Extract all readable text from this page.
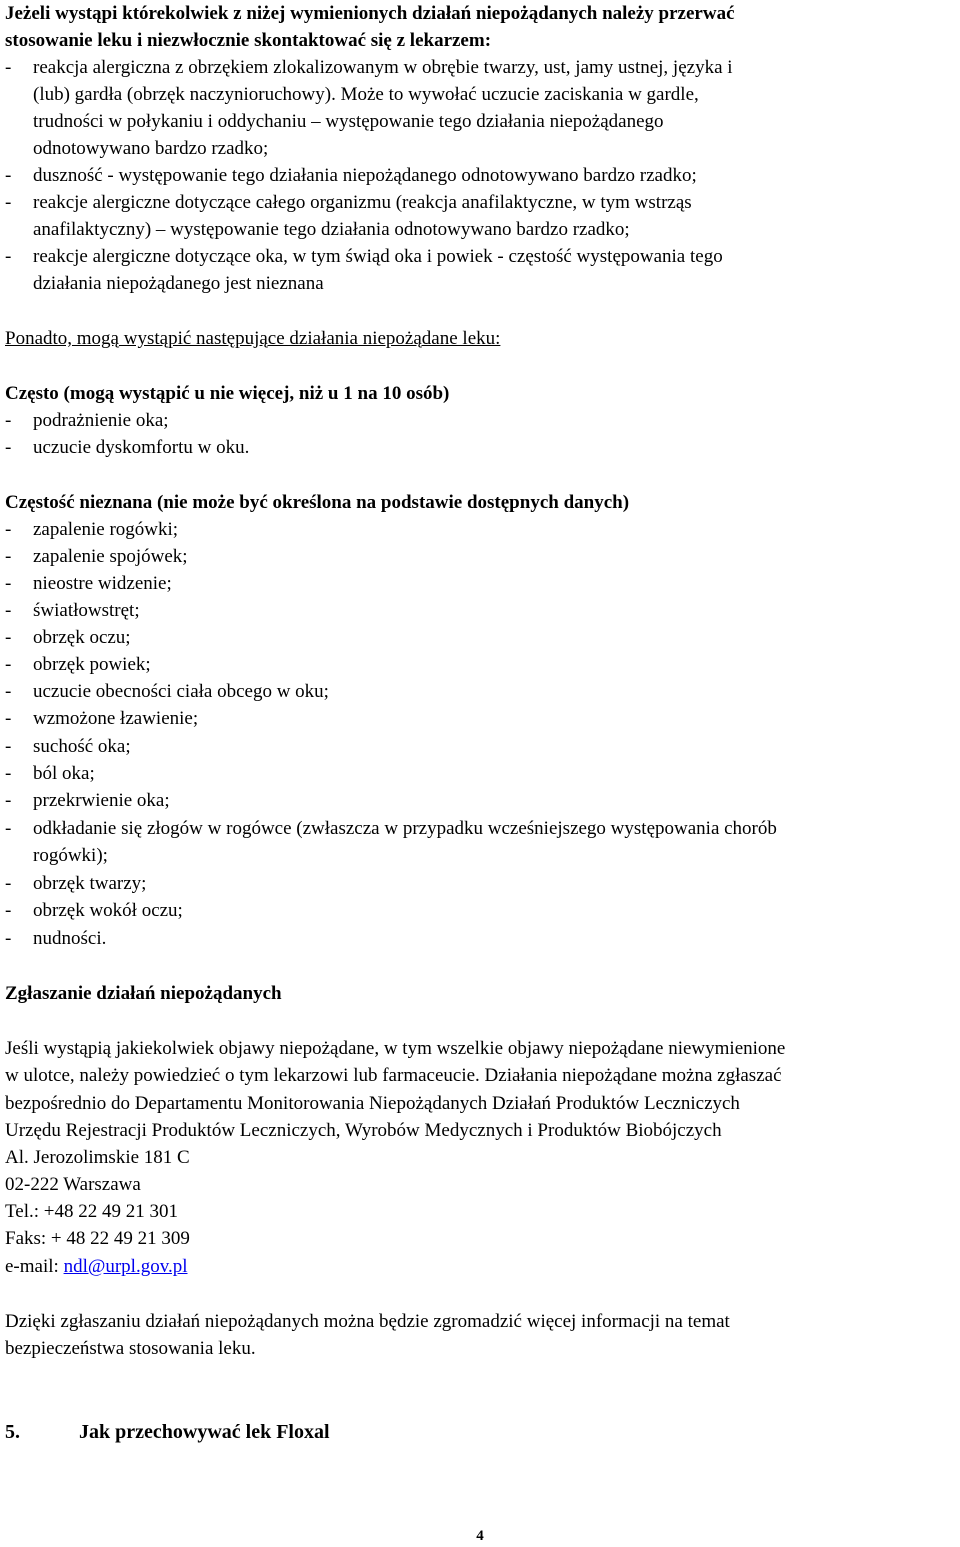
Jeżeli wystąpi którekolwiek z niżej wymienionych działań niepożądanych należy przerwać
stosowanie leku i niezwłocznie skontaktować się z lekarzem:
- reakcja alergiczna z obrzękiem zlokalizowanym w obrębie twarzy, ust, jamy ustnej, języka i
(lub) gardła (obrzęk naczynioruchowy). Może to wywołać uczucie zaciskania w gardle,
trudności w połykaniu i oddychaniu – występowanie tego działania niepożądanego
odnotowywano bardzo rzadko;
- duszność - występowanie tego działania niepożądanego odnotowywano bardzo rzadko;
- reakcje alergiczne dotyczące całego organizmu (reakcja anafilaktyczne, w tym wstrząs
anafilaktyczny) – występowanie tego działania odnotowywano bardzo rzadko;
- reakcje alergiczne dotyczące oka, w tym świąd oka i powiek - częstość występowania tego
działania niepożądanego jest nieznana
Ponadto, mogą wystąpić następujące działania niepożądane leku:
Często (mogą wystąpić u nie więcej, niż u 1 na 10 osób)
- podrażnienie oka;
- uczucie dyskomfortu w oku.
Częstość nieznana (nie może być określona na podstawie dostępnych danych)
- zapalenie rogówki;
- zapalenie spojówek;
- nieostre widzenie;
- światłowstręt;
- obrzęk oczu;
- obrzęk powiek;
- uczucie obecności ciała obcego w oku;
- wzmożone łzawienie;
- suchość oka;
- ból oka;
- przekrwienie oka;
- odkładanie się złogów w rogówce (zwłaszcza w przypadku wcześniejszego występowania chorób
rogówki);
- obrzęk twarzy;
- obrzęk wokół oczu;
- nudności.
Zgłaszanie działań niepożądanych
Jeśli wystąpią jakiekolwiek objawy niepożądane, w tym wszelkie objawy niepożądane niewymienione
w ulotce, należy powiedzieć o tym lekarzowi lub farmaceucie. Działania niepożądane można zgłaszać
bezpośrednio do Departamentu Monitorowania Niepożądanych Działań Produktów Leczniczych
Urzędu Rejestracji Produktów Leczniczych, Wyrobów Medycznych i Produktów Biobójczych
Al. Jerozolimskie 181 C
02-222 Warszawa
Tel.: +48 22 49 21 301
Faks: + 48 22 49 21 309
e-mail: ndl@urpl.gov.pl
Dzięki zgłaszaniu działań niepożądanych można będzie zgromadzić więcej informacji na temat
bezpieczeństwa stosowania leku.
5.	Jak przechowywać lek Floxal
4
